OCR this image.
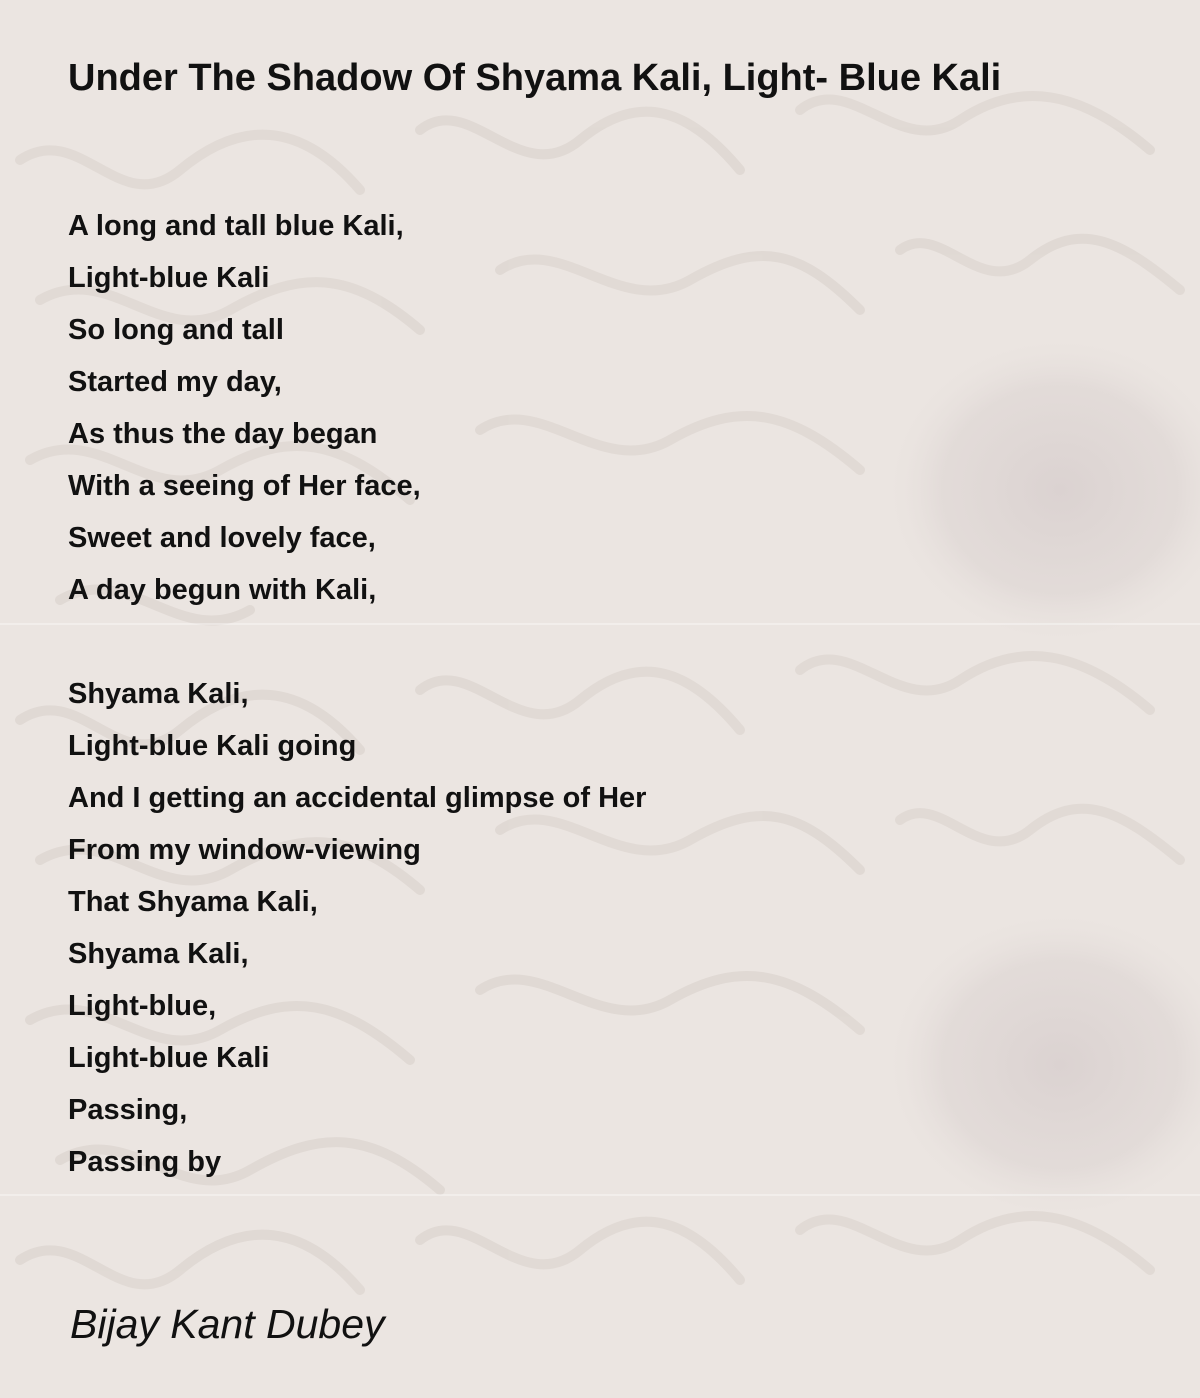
Under The Shadow Of Shyama Kali, Light- Blue Kali
A long and tall blue Kali,
Light-blue Kali
So long and tall
Started my day,
As thus the day began
With a seeing of Her face,
Sweet and lovely face,
A day begun with Kali,
Shyama Kali,
Light-blue Kali going
And I getting an accidental glimpse of Her
From my window-viewing
That Shyama Kali,
Shyama Kali,
Light-blue,
Light-blue Kali
Passing,
Passing by
Bijay Kant Dubey
